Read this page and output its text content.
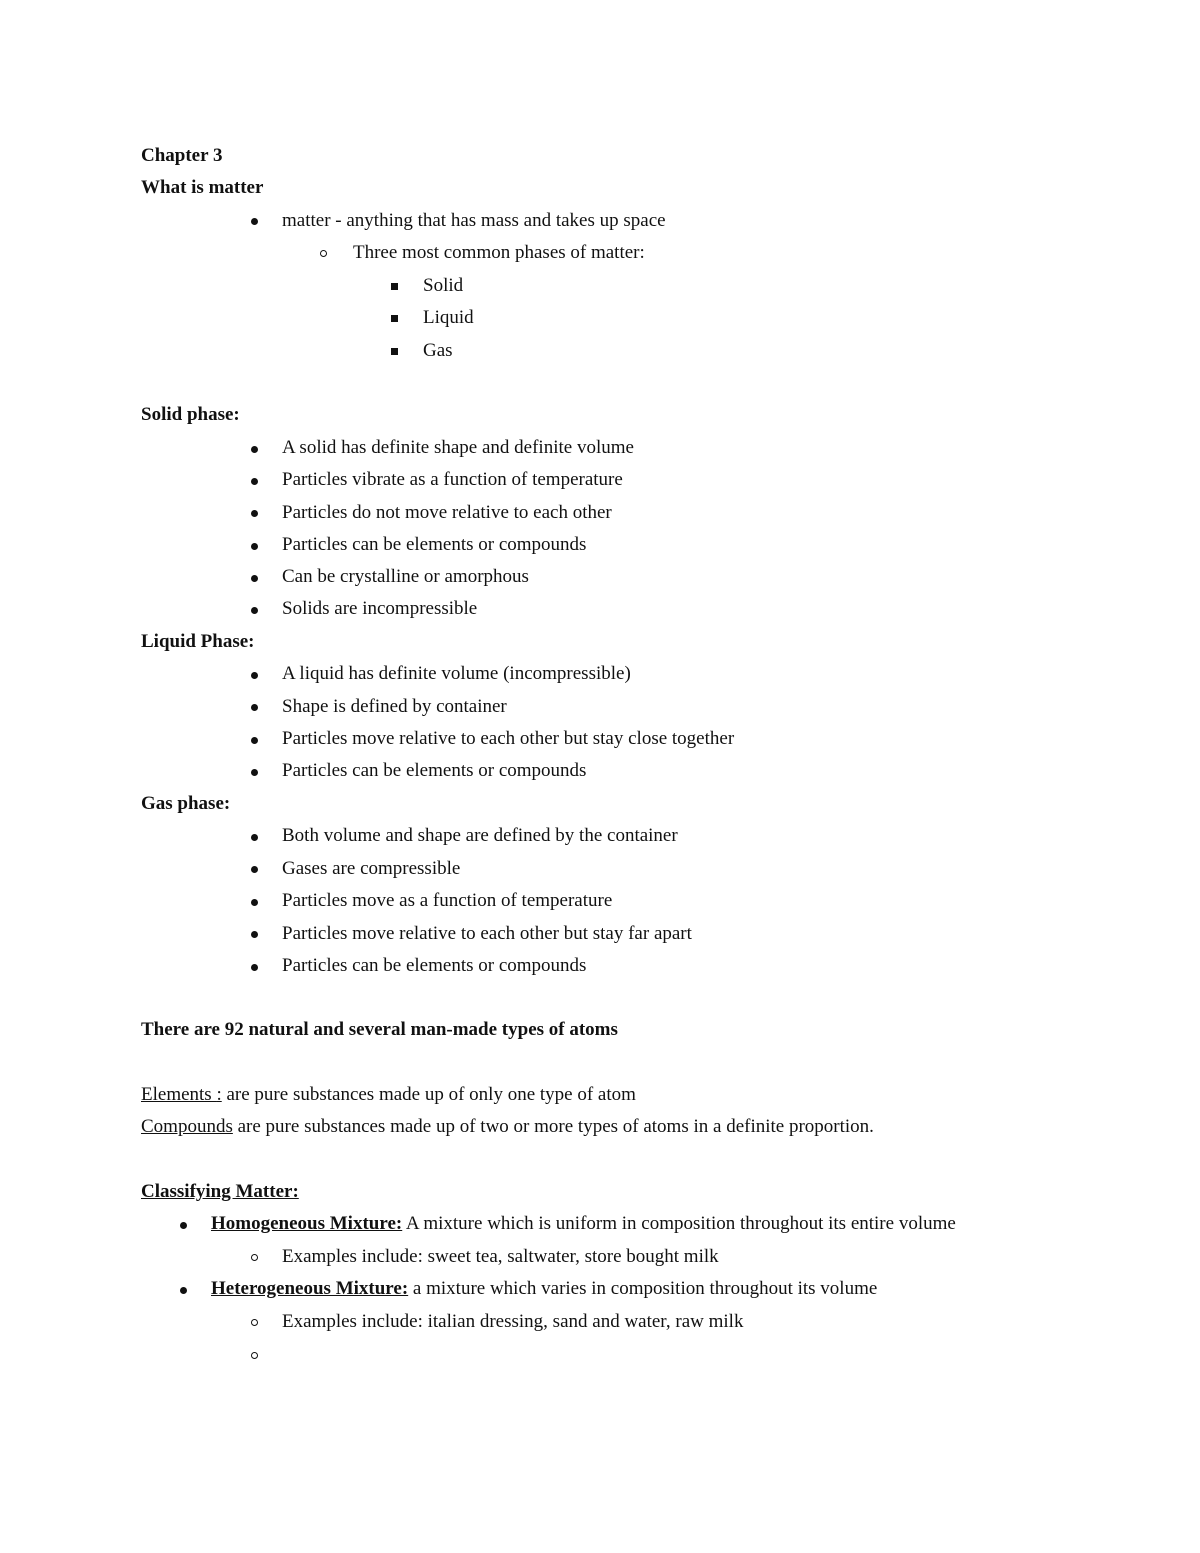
Chapter 3
What is matter
matter - anything that has mass and takes up space
Three most common phases of matter:
Solid
Liquid
Gas
Solid phase:
A solid has definite shape and definite volume
Particles vibrate as a function of temperature
Particles do not move relative to each other
Particles can be elements or compounds
Can be crystalline or amorphous
Solids are incompressible
Liquid Phase:
A liquid has definite volume (incompressible)
Shape is defined by container
Particles move relative to each other but stay close together
Particles can be elements or compounds
Gas phase:
Both volume and shape are defined by the container
Gases are compressible
Particles move as a function of temperature
Particles move relative to each other but stay far apart
Particles can be elements or compounds
There are 92 natural and several man-made types of atoms
Elements : are pure substances made up of only one type of atom
Compounds are pure substances made up of two or more types of atoms in a definite proportion.
Classifying Matter:
Homogeneous Mixture: A mixture which is uniform in composition throughout its entire volume
Examples include: sweet tea, saltwater, store bought milk
Heterogeneous Mixture: a mixture which varies in composition throughout its volume
Examples include: italian dressing, sand and water, raw milk
